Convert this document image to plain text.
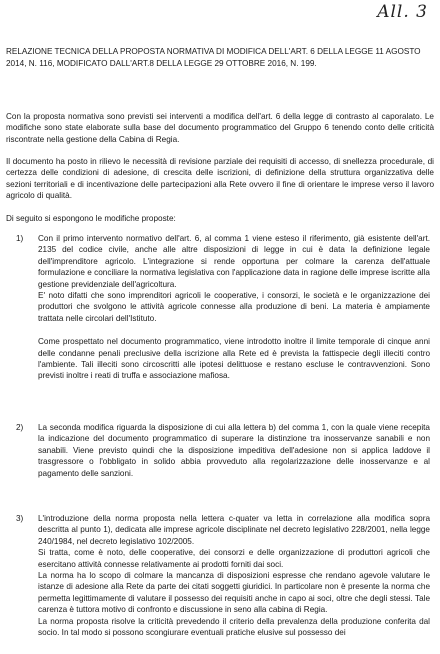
All. 3
RELAZIONE TECNICA DELLA PROPOSTA NORMATIVA DI MODIFICA DELL'ART. 6 DELLA LEGGE 11 AGOSTO 2014, N. 116, MODIFICATO DALL'ART.8 DELLA LEGGE 29 OTTOBRE 2016, N. 199.

Con la proposta normativa sono previsti sei interventi a modifica dell'art. 6 della legge di contrasto al caporalato. Le modifiche sono state elaborate sulla base del documento programmatico del Gruppo 6 tenendo conto delle criticità riscontrate nella gestione della Cabina di Regia.

Il documento ha posto in rilievo le necessità di revisione parziale dei requisiti di accesso, di snellezza procedurale, di certezza delle condizioni di adesione, di crescita delle iscrizioni, di definizione della struttura organizzativa delle sezioni territoriali e di incentivazione delle partecipazioni alla Rete ovvero il fine di orientare le imprese verso il lavoro agricolo di qualità.

Di seguito si espongono le modifiche proposte:

1) Con il primo intervento normativo dell'art. 6, al comma 1 viene esteso il riferimento, già esistente dell'art. 2135 del codice civile, anche alle altre disposizioni di legge in cui è data la definizione legale dell'imprenditore agricolo. L'integrazione si rende opportuna per colmare la carenza dell'attuale formulazione e conciliare la normativa legislativa con l'applicazione data in ragione delle imprese iscritte alla gestione previdenziale dell'agricoltura.

E' noto difatti che sono imprenditori agricoli le cooperative, i consorzi, le società e le organizzazione dei produttori che svolgono le attività agricole connesse alla produzione di beni. La materia è ampiamente trattata nelle circolari dell'Istituto.

Come prospettato nel documento programmatico, viene introdotto inoltre il limite temporale di cinque anni delle condanne penali preclusive della iscrizione alla Rete ed è prevista la fattispecie degli illeciti contro l'ambiente. Tali illeciti sono circoscritti alle ipotesi delittuose e restano escluse le contravvenzioni. Sono previsti inoltre i reati di truffa e associazione mafiosa.

2) La seconda modifica riguarda la disposizione di cui alla lettera b) del comma 1, con la quale viene recepita la indicazione del documento programmatico di superare la distinzione tra inosservanze sanabili e non sanabili. Viene previsto quindi che la disposizione impeditiva dell'adesione non si applica laddove il trasgressore o l'obbligato in solido abbia provveduto alla regolarizzazione delle inosservanze e al pagamento delle sanzioni.

3) L'introduzione della norma proposta nella lettera c-quater va letta in correlazione alla modifica sopra descritta al punto 1), dedicata alle imprese agricole disciplinate nel decreto legislativo 228/2001, nella legge 240/1984, nel decreto legislativo 102/2005.

Si tratta, come è noto, delle cooperative, dei consorzi e delle organizzazione di produttori agricoli che esercitano attività connesse relativamente ai prodotti forniti dai soci.

La norma ha lo scopo di colmare la mancanza di disposizioni espresse che rendano agevole valutare le istanze di adesione alla Rete da parte dei citati soggetti giuridici. In particolare non è presente la norma che permetta legittimamente di valutare il possesso dei requisiti anche in capo ai soci, oltre che degli stessi. Tale carenza è tuttora motivo di confronto e discussione in seno alla cabina di Regia.

La norma proposta risolve la criticità prevedendo il criterio della prevalenza della produzione conferita dal socio. In tal modo si possono scongiurare eventuali pratiche elusive sul possesso dei
